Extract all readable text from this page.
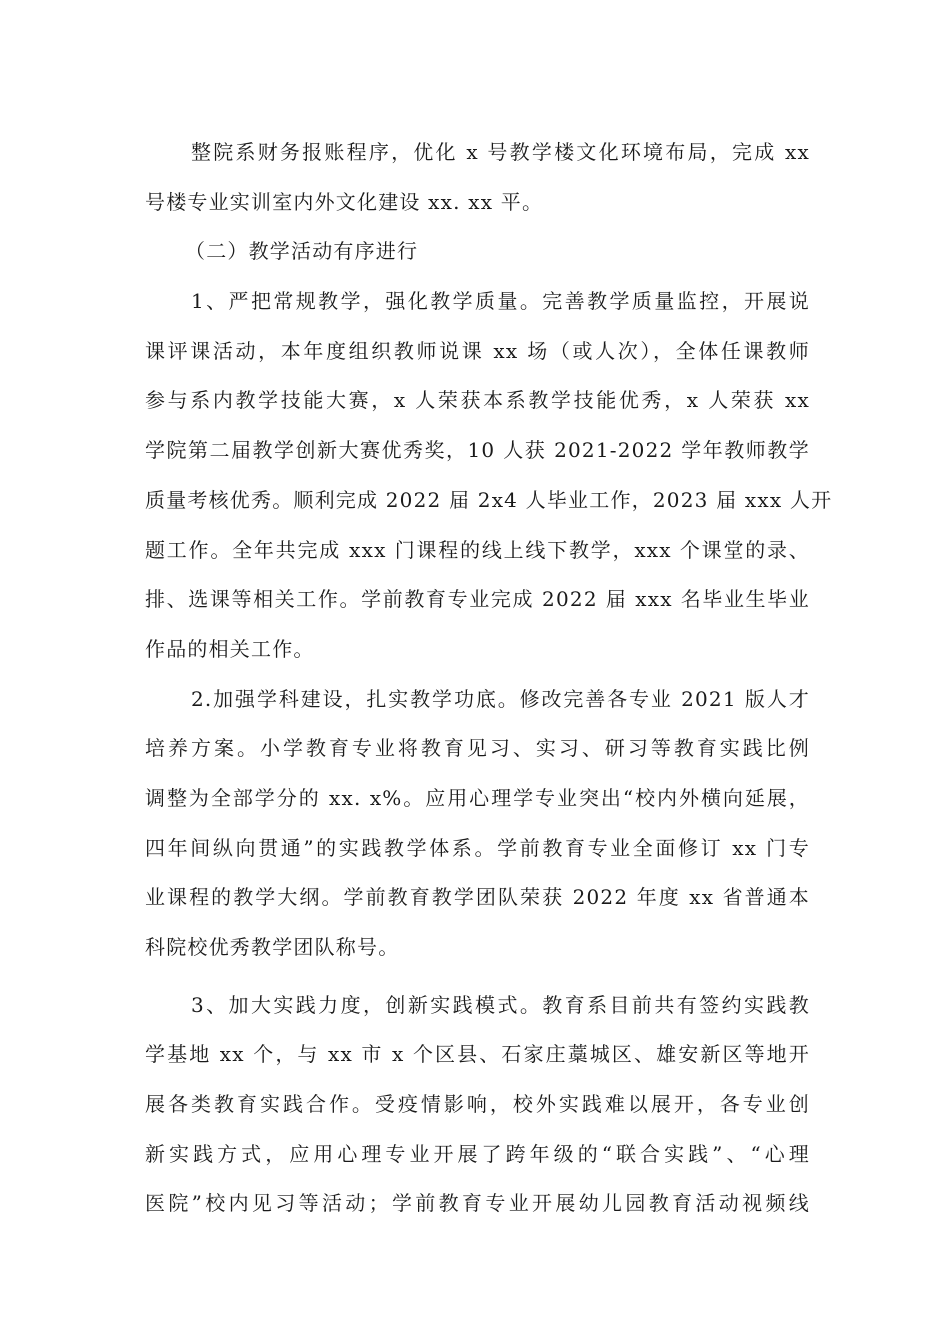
整院系财务报账程序，优化 x 号教学楼文化环境布局，完成 xx
号楼专业实训室内外文化建设 xx. xx 平。
（二）教学活动有序进行
1、严把常规教学，强化教学质量。完善教学质量监控，开展说
课评课活动，本年度组织教师说课 xx 场（或人次），全体任课教师
参与系内教学技能大赛，x 人荣获本系教学技能优秀，x 人荣获 xx
学院第二届教学创新大赛优秀奖，10 人获 2021-2022 学年教师教学
质量考核优秀。顺利完成 2022 届 2x4 人毕业工作，2023 届 xxx 人开
题工作。全年共完成 xxx 门课程的线上线下教学，xxx 个课堂的录、
排、选课等相关工作。学前教育专业完成 2022 届 xxx 名毕业生毕业
作品的相关工作。
2.加强学科建设，扎实教学功底。修改完善各专业 2021 版人才
培养方案。小学教育专业将教育见习、实习、研习等教育实践比例
调整为全部学分的 xx. x%。应用心理学专业突出“校内外横向延展，
四年间纵向贯通”的实践教学体系。学前教育专业全面修订 xx 门专
业课程的教学大纲。学前教育教学团队荣获 2022 年度 xx 省普通本
科院校优秀教学团队称号。
3、加大实践力度，创新实践模式。教育系目前共有签约实践教
学基地 xx 个，与 xx 市 x 个区县、石家庄藁城区、雄安新区等地开
展各类教育实践合作。受疫情影响，校外实践难以展开，各专业创
新实践方式，应用心理专业开展了跨年级的“联合实践”、“心理
医院”校内见习等活动；学前教育专业开展幼儿园教育活动视频线
